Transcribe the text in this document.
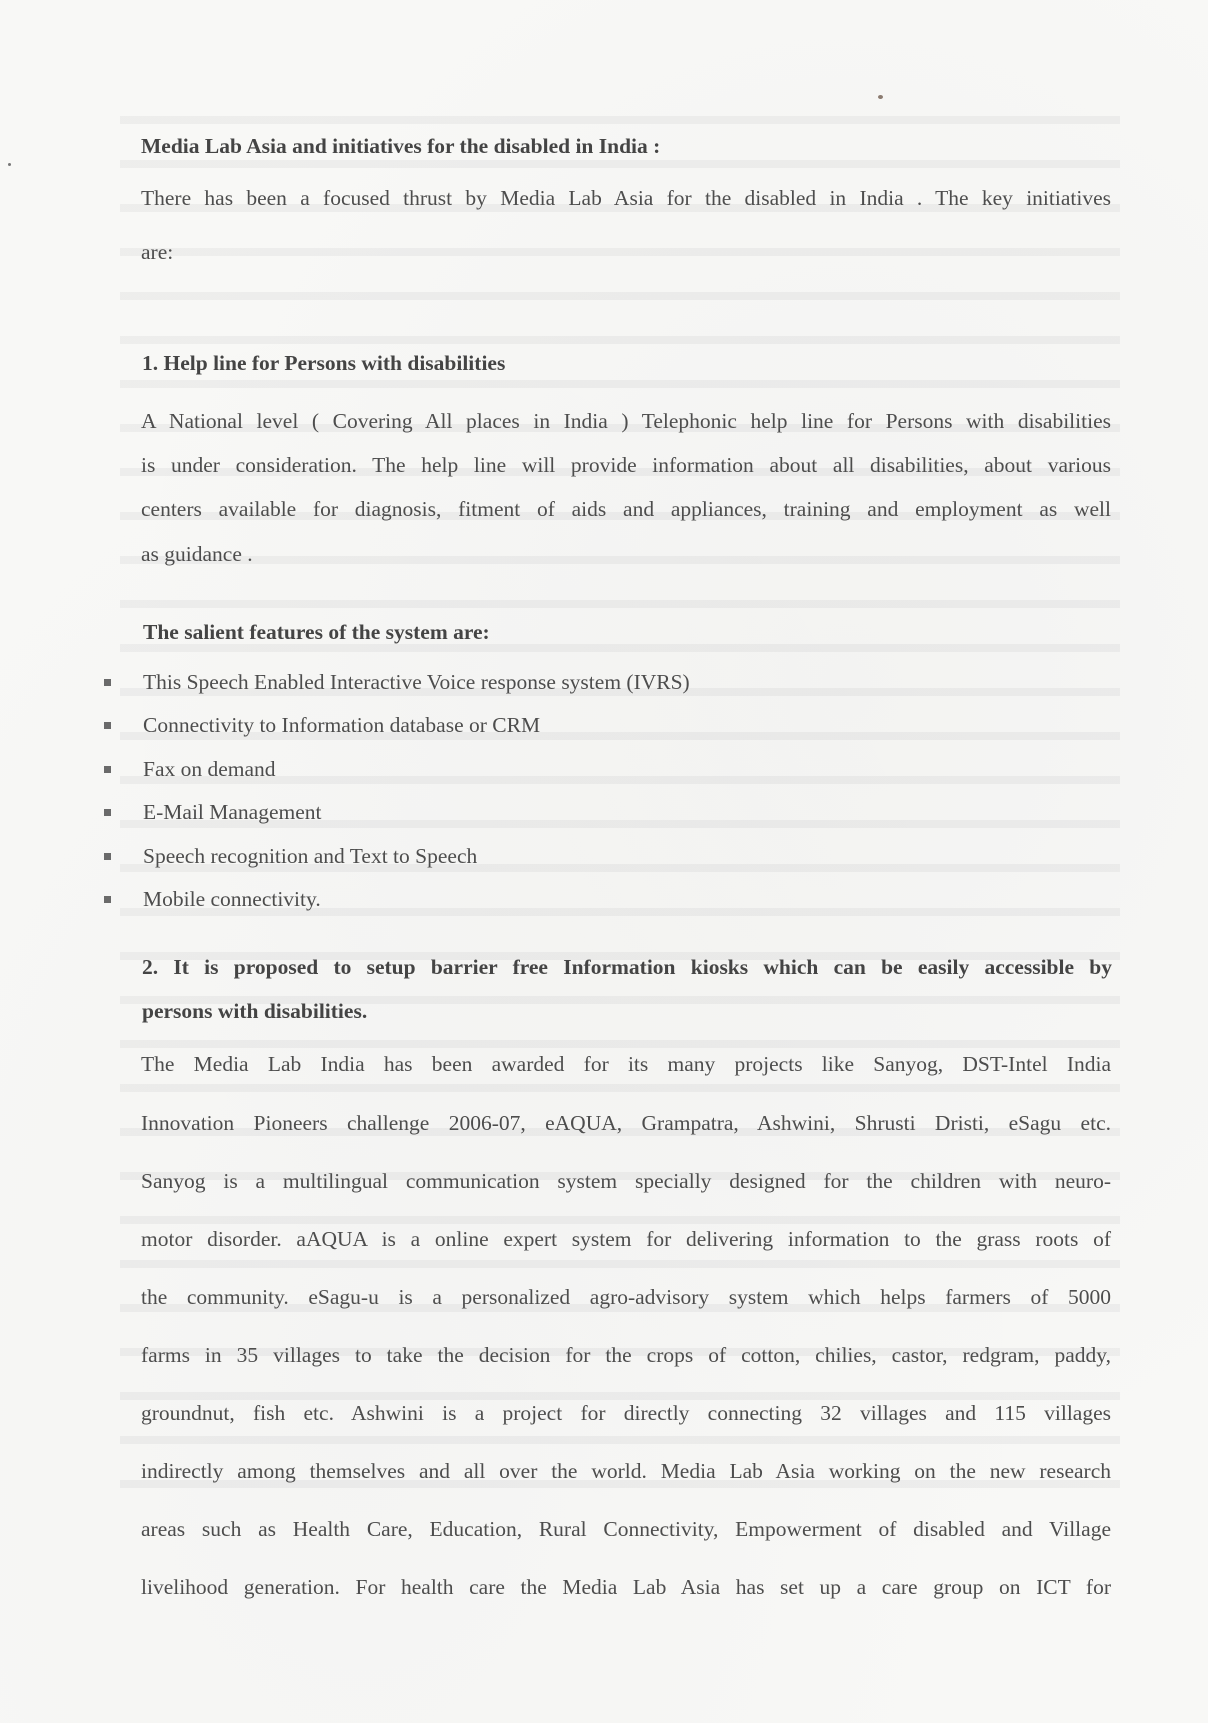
Media Lab Asia and initiatives for the disabled in India :
There has been a focused thrust by Media Lab Asia for the disabled in India . The key initiatives
are:
1. Help line for Persons with disabilities
A National level ( Covering All places in India ) Telephonic help line for Persons with disabilities
is under consideration. The help line will provide information about all disabilities, about various
centers available for diagnosis, fitment of aids and appliances, training and employment as well
as guidance .
The salient features of the system are:
This Speech Enabled Interactive Voice response system (IVRS)
Connectivity to Information database or CRM
Fax on demand
E-Mail Management
Speech recognition and Text to Speech
Mobile connectivity.
2. It is proposed to setup barrier free Information kiosks which can be easily accessible by
persons with disabilities.
The Media Lab India has been awarded for its many projects like Sanyog, DST-Intel India
Innovation Pioneers challenge 2006-07, eAQUA, Grampatra, Ashwini, Shrusti Dristi, eSagu etc.
Sanyog is a multilingual communication system specially designed for the children with neuro-
motor disorder. aAQUA is a online expert system for delivering information to the grass roots of
the community. eSagu-u is a personalized agro-advisory system which helps farmers of 5000
farms in 35 villages to take the decision for the crops of cotton, chilies, castor, redgram, paddy,
groundnut, fish etc. Ashwini is a project for directly connecting 32 villages and 115 villages
indirectly among themselves and all over the world. Media Lab Asia working on the new research
areas such as Health Care, Education, Rural Connectivity, Empowerment of disabled and Village
livelihood generation. For health care the Media Lab Asia has set up a care group on ICT for
